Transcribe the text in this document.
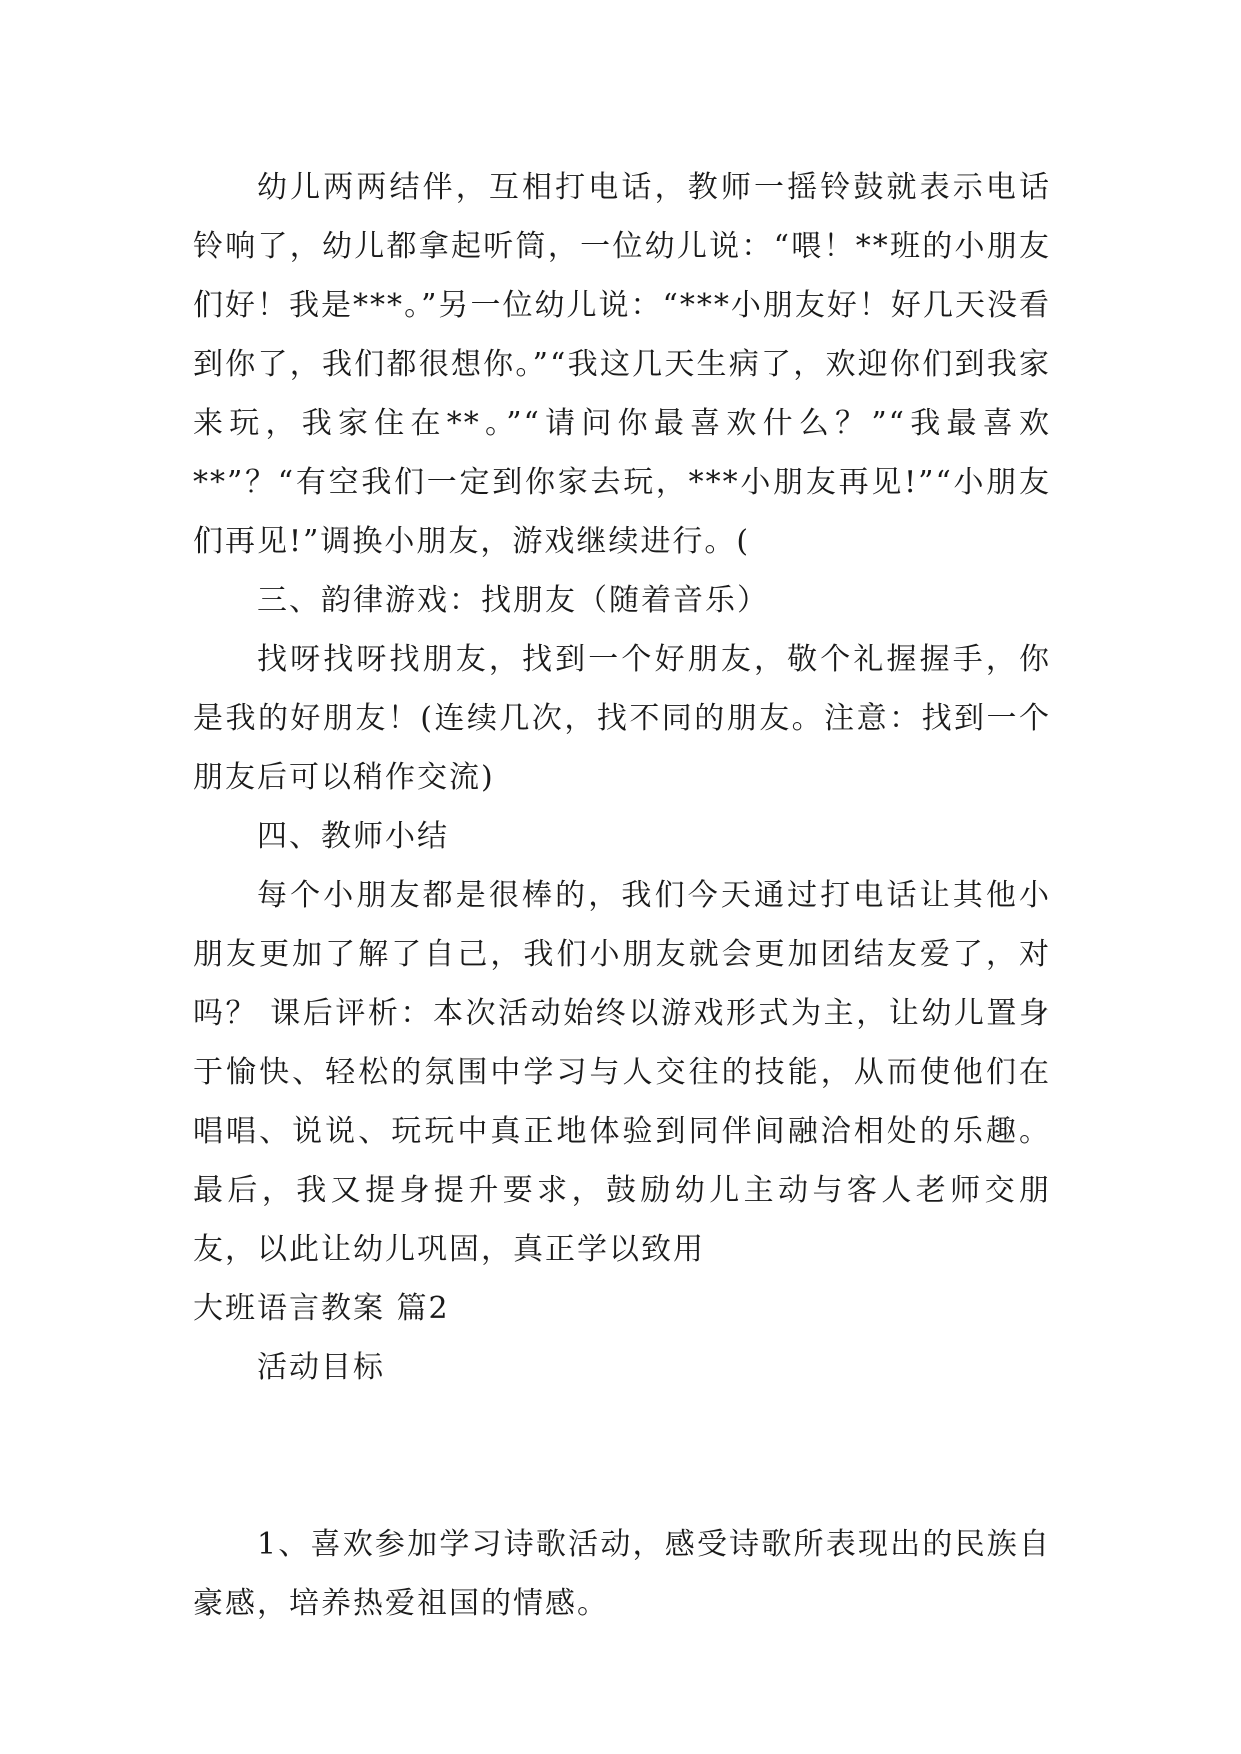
幼儿两两结伴，互相打电话，教师一摇铃鼓就表示电话铃响了，幼儿都拿起听筒，一位幼儿说：“喂！**班的小朋友们好！我是***。”另一位幼儿说：“***小朋友好！好几天没看到你了，我们都很想你。”“我这几天生病了，欢迎你们到我家来玩，我家住在**。”“请问你最喜欢什么？”“我最喜欢**”？“有空我们一定到你家去玩，***小朋友再见!”“小朋友们再见!”调换小朋友，游戏继续进行。(

三、韵律游戏：找朋友（随着音乐）

找呀找呀找朋友，找到一个好朋友，敬个礼握握手，你是我的好朋友！(连续几次，找不同的朋友。注意：找到一个朋友后可以稍作交流)

四、教师小结

每个小朋友都是很棒的，我们今天通过打电话让其他小朋友更加了解了自己，我们小朋友就会更加团结友爱了，对吗？ 课后评析：本次活动始终以游戏形式为主，让幼儿置身于愉快、轻松的氛围中学习与人交往的技能，从而使他们在唱唱、说说、玩玩中真正地体验到同伴间融洽相处的乐趣。最后，我又提身提升要求，鼓励幼儿主动与客人老师交朋友，以此让幼儿巩固，真正学以致用

大班语言教案 篇2

活动目标

1、喜欢参加学习诗歌活动，感受诗歌所表现出的民族自豪感，培养热爱祖国的情感。
